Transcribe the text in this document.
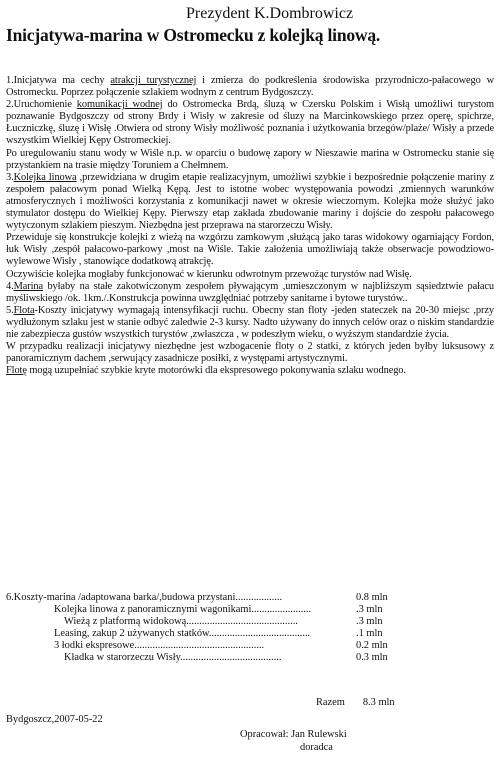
Prezydent K.Dombrowicz
Inicjatywa-marina w Ostromecku z kolejką linową.

1.Inicjatywa ma cechy atrakcji turystycznej i zmierza do podkreślenia środowiska przyrodniczo-pałacowego w Ostromecku. Poprzez połączenie szlakiem wodnym z centrum Bydgoszczy.

2.Uruchomienie komunikacji wodnej do Ostromecka Brdą, śluzą w Czersku Polskim i Wisłą umożliwi turystom poznawanie Bydgoszczy od strony Brdy i Wisły w zakresie od śluzy na Marcinkowskiego przez operę, spichrze, Łuczniczkę, śluzę i Wisłę .Otwiera od strony Wisły możliwość poznania i użytkowania brzegów/plaże/ Wisły a przede wszystkim Wielkiej Kępy Ostromeckiej.

Po uregulowaniu stanu wody w Wiśle n.p. w oparciu o budowę zapory w Nieszawie marina w Ostromecku stanie się przystankiem na trasie między Toruniem a Chełmnem.

3.Kolejka linowa ,przewidziana w drugim etapie realizacyjnym, umożliwi szybkie i bezpośrednie połączenie mariny z zespołem pałacowym ponad Wielką Kępą. Jest to istotne wobec występowania powodzi ,zmiennych warunków atmosferycznych i możliwości korzystania z komunikacji nawet w okresie wieczornym. Kolejka może służyć jako stymulator dostępu do Wielkiej Kępy. Pierwszy etap zakłada zbudowanie mariny i dojście do zespołu pałacowego wytyczonym szlakiem pieszym. Niezbędna jest przeprawa na starorzeczu Wisły.

Przewiduje się konstrukcje kolejki z wieżą na wzgórzu zamkowym ,służącą jako taras widokowy ogarniający Fordon, łuk Wisły ,zespół pałacowo-parkowy ,most na Wiśle. Takie założenia umożliwiają także obserwacje powodziowo-wylewowe Wisły , stanowiące dodatkową atrakcję.

Oczywiście kolejka mogłaby funkcjonować w kierunku odwrotnym przewożąc turystów nad Wisłę.

4.Marina byłaby na stałe zakotwiczonym zespołem pływającym ,umieszczonym w najbliższym sąsiedztwie pałacu myśliwskiego /ok. 1km./.Konstrukcja powinna uwzględniać potrzeby sanitarne i bytowe turystów..

5.Flota-Koszty inicjatywy wymagają intensyfikacji ruchu. Obecny stan floty -jeden stateczek na 20-30 miejsc ,przy wydłużonym szlaku jest w stanie odbyć zaledwie 2-3 kursy. Nadto używany do innych celów oraz o niskim standardzie nie zabezpiecza gustów wszystkich turystów ,zwłaszcza , w podeszłym wieku, o wyższym standardzie życia.

W przypadku realizacji inicjatywy niezbędne jest wzbogacenie floty o 2 statki, z których jeden byłby luksusowy z panoramicznym dachem ,serwujący zasadnicze posiłki, z występami artystycznymi.

Flotę mogą uzupełniać szybkie kryte motorówki dla ekspresowego pokonywania szlaku wodnego.

6.Koszty-marina /adaptowana barka/,budowa przystani..................	0.8 mln
Kolejka linowa z panoramicznymi wagonikami.......................	.3 mln
Wieżą z platformą widokową...........................................	.3 mln
Leasing, zakup 2 używanych statków.......................................	.1 mln
3 łodki ekspresowe..................................................	0.2 mln
Kładka w starorzeczu Wisły.......................................	0.3 mln
Razem 8.3 mln
Bydgoszcz,2007-05-22
Opracował: Jan Rulewski
doradca
